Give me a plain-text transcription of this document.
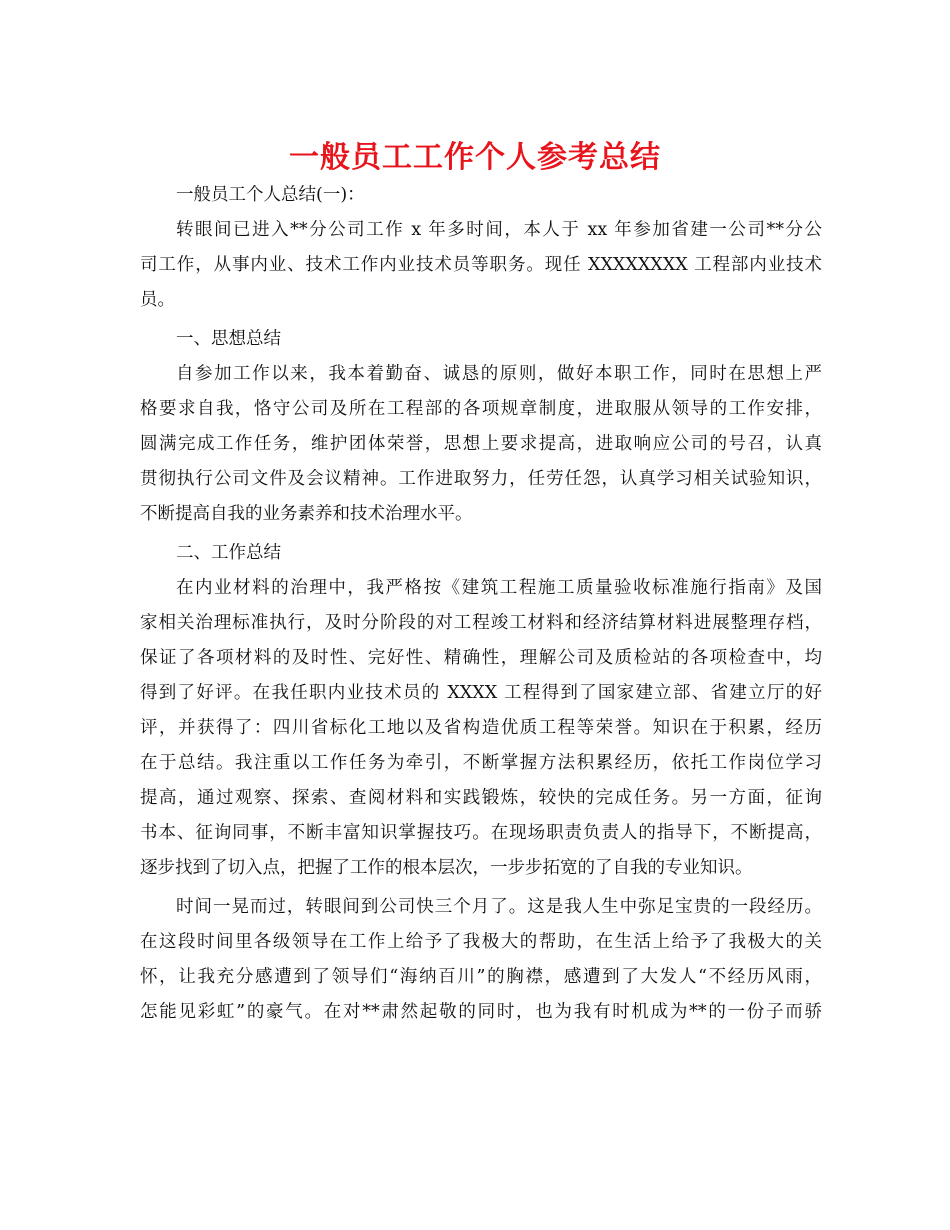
一般员工工作个人参考总结
一般员工个人总结(一)：
转眼间已进入**分公司工作 x 年多时间，本人于 xx 年参加省建一公司**分公
司工作，从事内业、技术工作内业技术员等职务。现任 XXXXXXXX 工程部内业技术
员。
一、思想总结
自参加工作以来，我本着勤奋、诚恳的原则，做好本职工作，同时在思想上严
格要求自我，恪守公司及所在工程部的各项规章制度，进取服从领导的工作安排，
圆满完成工作任务，维护团体荣誉，思想上要求提高，进取响应公司的号召，认真
贯彻执行公司文件及会议精神。工作进取努力，任劳任怨，认真学习相关试验知识，
不断提高自我的业务素养和技术治理水平。
二、工作总结
在内业材料的治理中，我严格按《建筑工程施工质量验收标准施行指南》及国
家相关治理标准执行，及时分阶段的对工程竣工材料和经济结算材料进展整理存档，
保证了各项材料的及时性、完好性、精确性，理解公司及质检站的各项检查中，均
得到了好评。在我任职内业技术员的 XXXX 工程得到了国家建立部、省建立厅的好
评，并获得了：四川省标化工地以及省构造优质工程等荣誉。知识在于积累，经历
在于总结。我注重以工作任务为牵引，不断掌握方法积累经历，依托工作岗位学习
提高，通过观察、探索、查阅材料和实践锻炼，较快的完成任务。另一方面，征询
书本、征询同事，不断丰富知识掌握技巧。在现场职责负责人的指导下，不断提高，
逐步找到了切入点，把握了工作的根本层次，一步步拓宽的了自我的专业知识。
时间一晃而过，转眼间到公司快三个月了。这是我人生中弥足宝贵的一段经历。
在这段时间里各级领导在工作上给予了我极大的帮助，在生活上给予了我极大的关
怀，让我充分感遭到了领导们“海纳百川”的胸襟，感遭到了大发人“不经历风雨，
怎能见彩虹”的豪气。在对**肃然起敬的同时，也为我有时机成为**的一份子而骄
